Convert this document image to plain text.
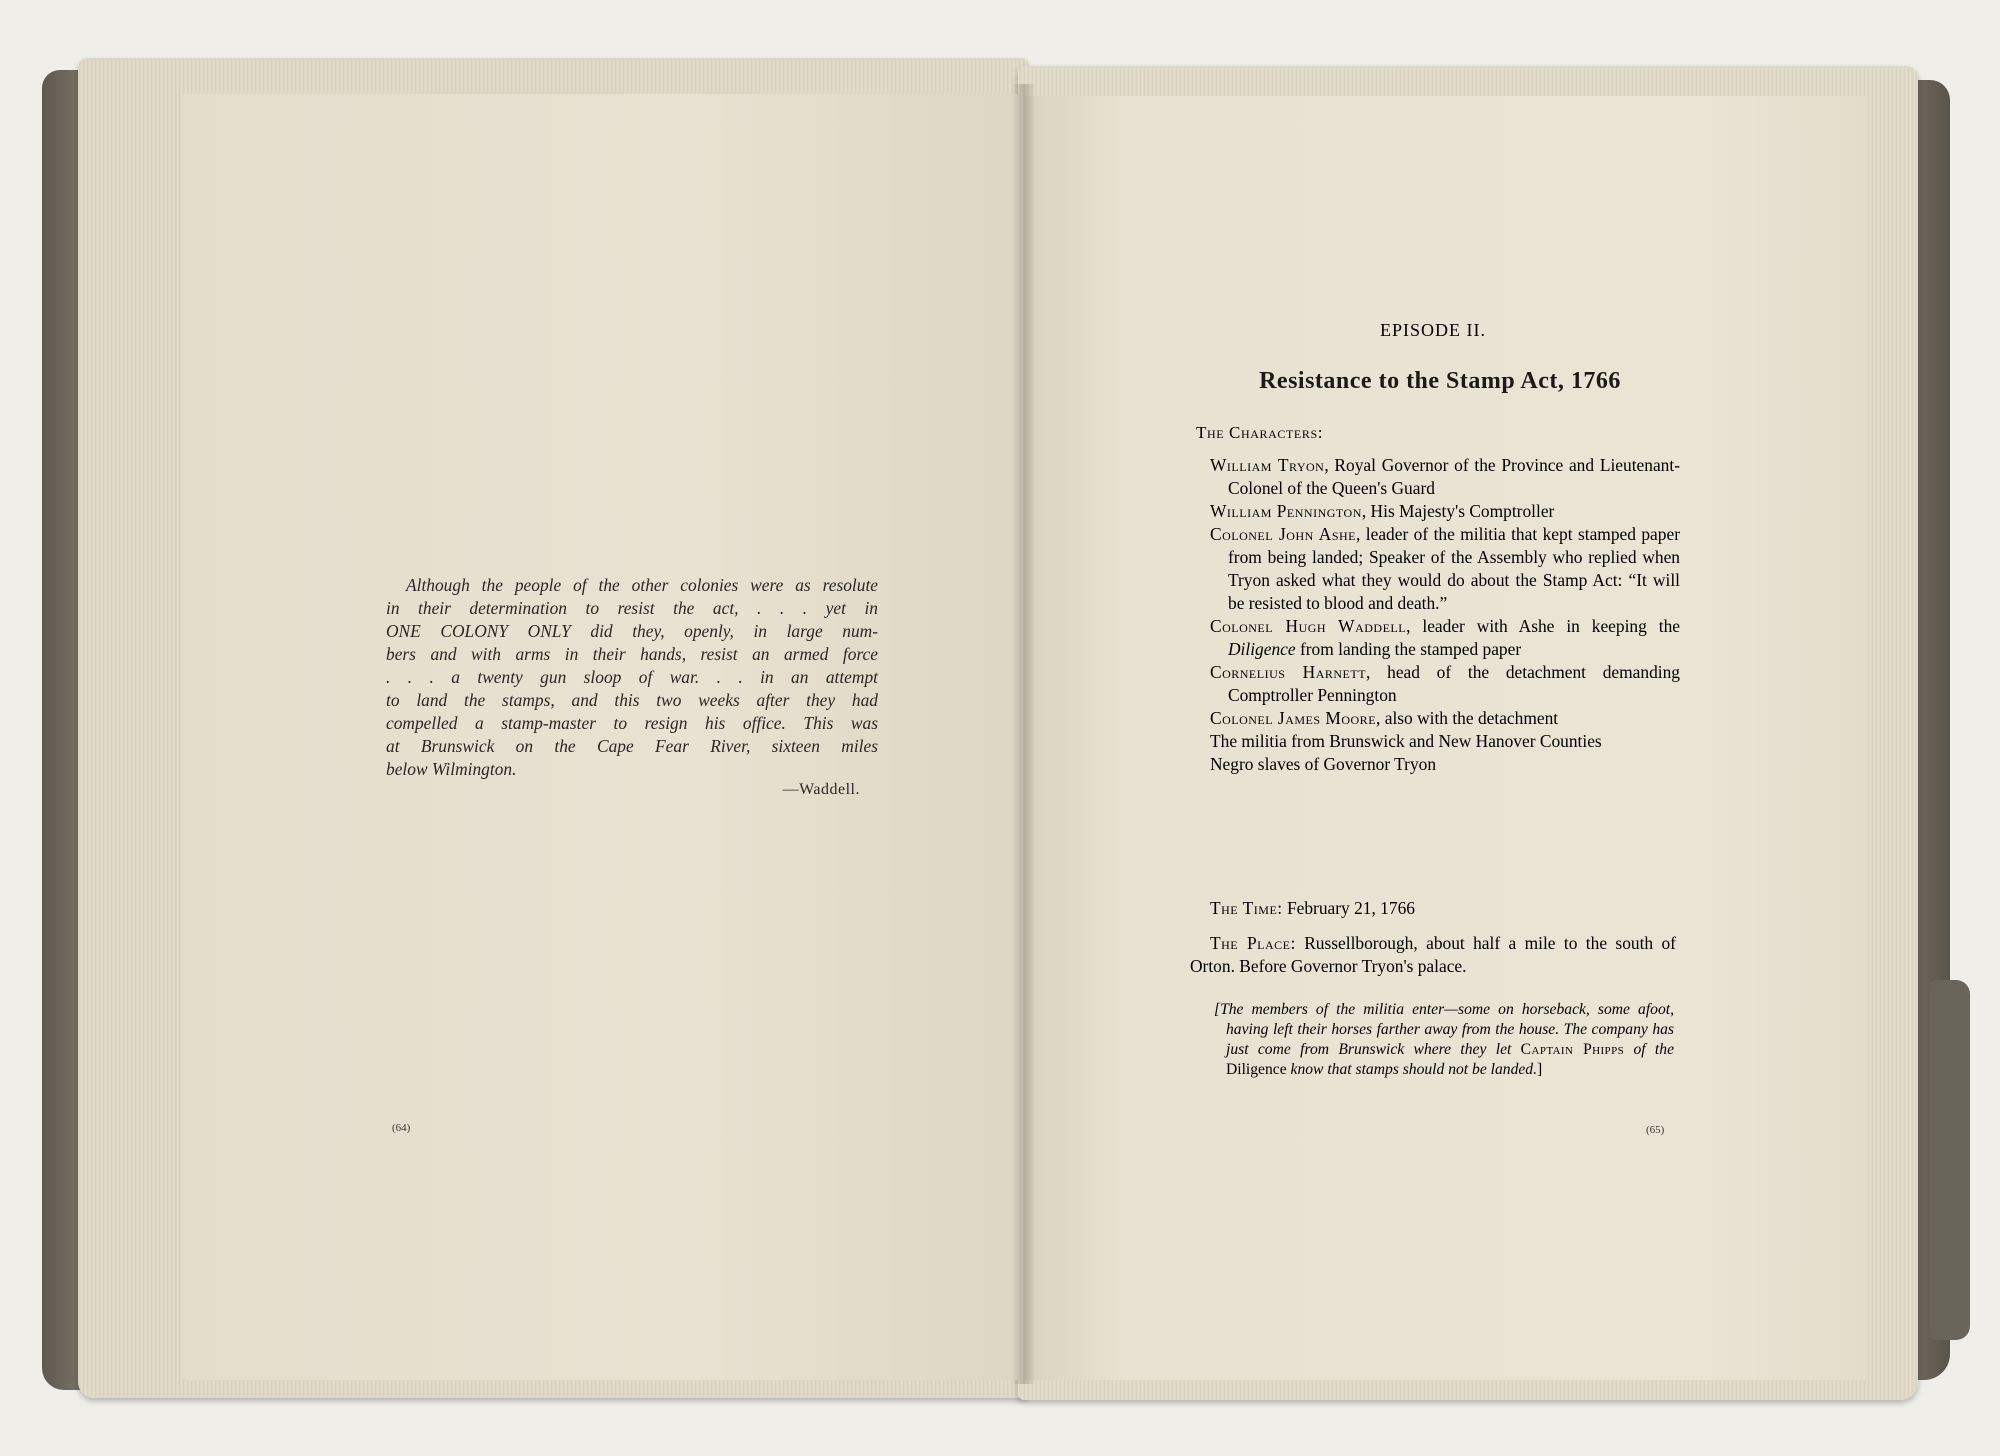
Although the people of the other colonies were as resolute
in their determination to resist the act, . . . yet in
ONE COLONY ONLY did they, openly, in large num-
bers and with arms in their hands, resist an armed force
. . . a twenty gun sloop of war. . . in an attempt
to land the stamps, and this two weeks after they had
compelled a stamp-master to resign his office. This was
at Brunswick on the Cape Fear River, sixteen miles
below Wilmington.
—Waddell.
(64)
EPISODE II.
Resistance to the Stamp Act, 1766
The Characters:

William Tryon, Royal Governor of the Province and Lieutenant-Colonel of the Queen's Guard

William Pennington, His Majesty's Comptroller

Colonel John Ashe, leader of the militia that kept stamped paper from being landed; Speaker of the Assembly who replied when Tryon asked what they would do about the Stamp Act: “It will be resisted to blood and death.”

Colonel Hugh Waddell, leader with Ashe in keeping the Diligence from landing the stamped paper

Cornelius Harnett, head of the detachment demanding Comptroller Pennington

Colonel James Moore, also with the detachment

The militia from Brunswick and New Hanover Counties

Negro slaves of Governor Tryon

The Time: February 21, 1766
The Place: Russellborough, about half a mile to the south of Orton. Before Governor Tryon's palace.
[The members of the militia enter—some on horseback, some afoot, having left their horses farther away from the house. The company has just come from Brunswick where they let Captain Phipps of the Diligence know that stamps should not be landed.]
(65)
